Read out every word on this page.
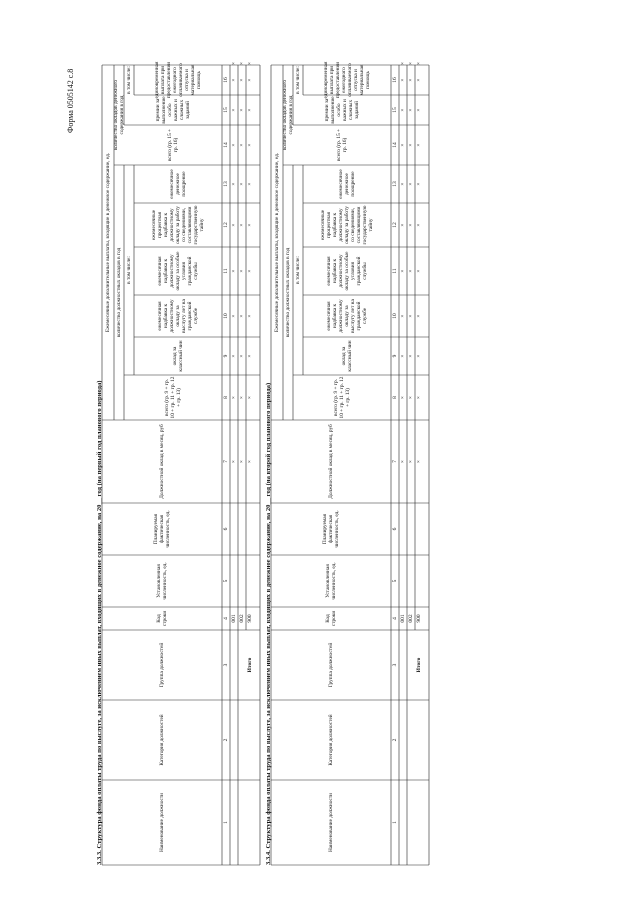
Форма 0505142 с.8
3.3.3. Структура фонда оплаты труда по выслуге, за исключением иных выплат, входящих в денежное содержание, на 20__ год (на первый год планового периода)	Наименование должности
Категория должностей
Группа должностей
Код строки
Установленная численность, ед.
Планируемая фактическая численность, ед.
Должностной оклад в месяц, руб
Ежемесячные дополнительные выплаты, входящие в денежное содержание, ед. количество должностных окладов в год
количество окладов денежного содержания в год
в том числе:
в том числе:
всего (гр. 9 + гр. 10 + гр. 11 + гр. 12 + гр. 13)
оклад за классный чин
ежемесячная надбавка к должностному окладу за выслугу лет на гражданской службе
ежемесячная надбавка к должностному окладу за особые условия гражданской службы
ежемесячные процентная надбавка к должностному окладу за работу со сведениями, составляющими государственную тайну
ежемесячное денежное поощрение
всего (гр. 15 + гр. 16)
премии за выполнение особо важных и сложных заданий
единовременная выплата при предоставлении ежегодного оплачиваемого отпуска и материальная помощь
1
2
3
4
5
6
7
8
9
10
11
12
13
14
15
16
001
×
×
×
×
×
×
×
×
×
×
×
002
×
×
×
×
×
×
×
×
×
×
×
900
Итого
×
×
×
×
×
×
×
×
×
×
×
3.3.4. Структура фонда оплаты труда по выслуге, за исключением иных выплат, входящих в денежное содержание, на 20__ год (на второй год планового периода)	Наименование должности
Категория должностей
Группа должностей
Код строки
Установленная численность, ед.
Планируемая фактическая численность, ед.
Должностной оклад в месяц, руб
Ежемесячные дополнительные выплаты, входящие в денежное содержание, ед. количество должностных окладов в год
количество окладов денежного содержания в год
в том числе:
в том числе:
всего (гр. 9 + гр. 10 + гр. 11 + гр. 12 + гр. 13)
оклад за классный чин
ежемесячная надбавка к должностному окладу за выслугу лет на гражданской службе
ежемесячная надбавка к должностному окладу за особые условия гражданской службы
ежемесячные процентная надбавка к должностному окладу за работу со сведениями, составляющими государственную тайну
ежемесячное денежное поощрение
всего (гр. 15 + гр. 16)
премии за выполнение особо важных и сложных заданий
единовременная выплата при предоставлении ежегодного оплачиваемого отпуска и материальная помощь
1
2
3
4
5
6
7
8
9
10
11
12
13
14
15
16
001
×
×
×
×
×
×
×
×
×
×
×
002
×
×
×
×
×
×
×
×
×
×
×
900
Итого
×
×
×
×
×
×
×
×
×
×
×
